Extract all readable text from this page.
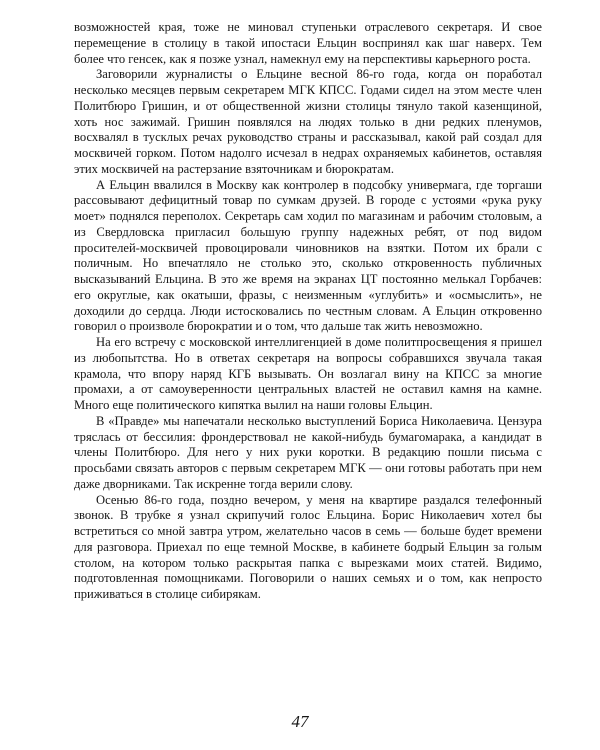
возможностей края, тоже не миновал ступеньки отраслевого секретаря. И свое перемещение в столицу в такой ипостаси Ельцин воспринял как шаг наверх. Тем более что генсек, как я позже узнал, намекнул ему на перспективы карьерного роста.

Заговорили журналисты о Ельцине весной 86-го года, когда он поработал несколько месяцев первым секретарем МГК КПСС. Годами сидел на этом месте член Политбюро Гришин, и от общественной жизни столицы тянуло такой казенщиной, хоть нос зажимай. Гришин появлялся на людях только в дни редких пленумов, восхвалял в тусклых речах руководство страны и рассказывал, какой рай создал для москвичей горком. Потом надолго исчезал в недрах охраняемых кабинетов, оставляя этих москвичей на растерзание взяточникам и бюрократам.

А Ельцин ввалился в Москву как контролер в подсобку универмага, где торгаши рассовывают дефицитный товар по сумкам друзей. В городе с устоями «рука руку моет» поднялся переполох. Секретарь сам ходил по магазинам и рабочим столовым, а из Свердловска пригласил большую группу надежных ребят, от под видом просителей-москвичей провоцировали чиновников на взятки. Потом их брали с поличным. Но впечатляло не столько это, сколько откровенность публичных высказываний Ельцина. В это же время на экранах ЦТ постоянно мелькал Горбачев: его округлые, как окатыши, фразы, с неизменным «углубить» и «осмыслить», не доходили до сердца. Люди истосковались по честным словам. А Ельцин откровенно говорил о произволе бюрократии и о том, что дальше так жить невозможно.

На его встречу с московской интеллигенцией в доме политпросвещения я пришел из любопытства. Но в ответах секретаря на вопросы собравшихся звучала такая крамола, что впору наряд КГБ вызывать. Он возлагал вину на КПСС за многие промахи, а от самоуверенности центральных властей не оставил камня на камне. Много еще политического кипятка вылил на наши головы Ельцин.

В «Правде» мы напечатали несколько выступлений Бориса Николаевича. Цензура тряслась от бессилия: фрондерствовал не какой-нибудь бумагомарака, а кандидат в члены Политбюро. Для него у них руки коротки. В редакцию пошли письма с просьбами связать авторов с первым секретарем МГК — они готовы работать при нем даже дворниками. Так искренне тогда верили слову.

Осенью 86-го года, поздно вечером, у меня на квартире раздался телефонный звонок. В трубке я узнал скрипучий голос Ельцина. Борис Николаевич хотел бы встретиться со мной завтра утром, желательно часов в семь — больше будет времени для разговора. Приехал по еще темной Москве, в кабинете бодрый Ельцин за голым столом, на котором только раскрытая папка с вырезками моих статей. Видимо, подготовленная помощниками. Поговорили о наших семьях и о том, как непросто приживаться в столице сибирякам.

47
